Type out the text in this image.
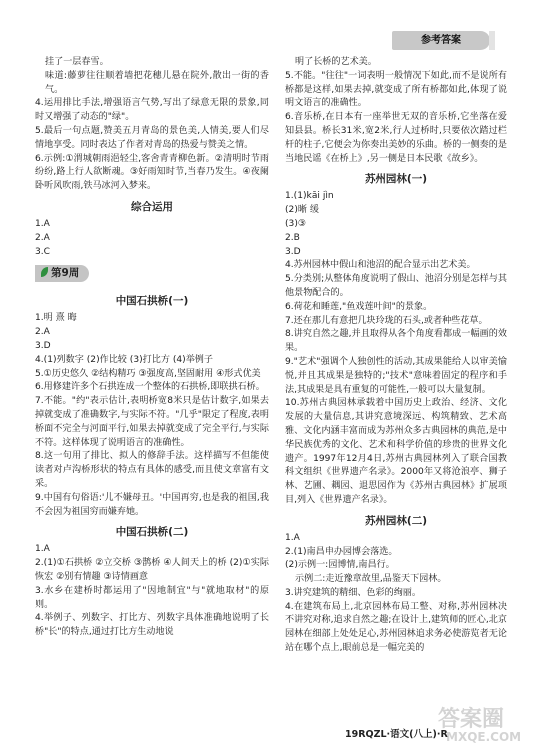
参考答案

挂了一层春雪。

味道:藤萝往往顺着墙把花穗儿悬在院外,散出一街的香气。

4.运用排比手法,增强语言气势,写出了绿意无限的景象,同时又增强了动态的"绿"。

5.最后一句点题,赞美五月青岛的景色美,人情美,要人们尽情地享受。同时表达了作者对青岛的热爱与赞美之情。

6.示例:①渭城朝雨浥轻尘,客舍青青柳色新。②清明时节雨纷纷,路上行人欲断魂。③好雨知时节,当春乃发生。④夜阑卧听风吹雨,铁马冰河入梦来。

综合运用

1.A

2.A

3.C

第9周
中国石拱桥(一)

1.明 熹 晦

2.A

3.D

4.(1)列数字 (2)作比较 (3)打比方 (4)举例子

5.①历史悠久 ②结构精巧 ③强度高,坚固耐用 ④形式优美

6.用修建许多个石拱连成一个整体的石拱桥,即联拱石桥。

7.不能。"约"表示估计,表明桥宽8米只是估计数字,如果去掉就变成了准确数字,与实际不符。"几乎"限定了程度,表明桥面不完全与河面平行,如果去掉就变成了完全平行,与实际不符。这样体现了说明语言的准确性。

8.这一句用了排比、拟人的修辞手法。这样描写不但能使读者对卢沟桥形状的特点有具体的感受,而且使文章富有文采。

9.中国有句俗语:'儿不嫌母丑。'中国再穷,也是我的祖国,我不会因为祖国穷而嫌弃她。

中国石拱桥(二)

1.A

2.(1)①石拱桥 ②立交桥 ③鹊桥 ④人间天上的桥 (2)①实际恢宏 ②别有情趣 ③诗情画意

3.水乡在建桥时都运用了"因地制宜"与"就地取材"的原则。

4.举例子、列数字、打比方、列数字具体准确地说明了长桥"长"的特点,通过打比方生动地说

明了长桥的艺术美。

5.不能。"往往"一词表明一般情况下如此,而不是说所有桥都是这样,如果去掉,就变成了所有桥都如此,体现了说明文语言的准确性。

6.音乐桥,在日本有一座举世无双的音乐桥,它坐落在爱知县县。桥长31米,宽2米,行人过桥时,只要依次踏过栏杆的柱子,它便会为你奏出美妙的乐曲。桥的一侧奏的是当地民谣《在桥上》,另一侧是日本民歌《故乡》。

苏州园林(一)

1.(1)kāi jìn

(2)晰 缓

(3)③

2.B

3.D

4.苏州园林中假山和池沼的配合显示出艺术美。

5.分类别;从整体角度说明了假山、池沼分别是怎样与其他景物配合的。

6.荷花和睡莲,"鱼戏莲叶间"的景象。

7.还在那儿有意把几块玲珑的石头,或者种些花草。

8.讲究自然之趣,并且取得从各个角度看都成一幅画的效果。

9."艺术"强调个人独创性的活动,其成果能给人以审美愉悦,并且其成果是独特的;"技术"意味着固定的程序和手法,其成果是具有重复的可能性,一般可以大量复制。

10.苏州古典园林承载着中国历史上政治、经济、文化发展的大量信息,其讲究意境深远、构筑精致、艺术高雅、文化内涵丰富而成为苏州众多古典园林的典范,是中华民族优秀的文化、艺术和科学价值的珍贵的世界文化遗产。1997年12月4日,苏州古典园林列入了联合国教科文组织《世界遗产名录》。2000年又将沧浪亭、狮子林、艺圃、耦园、退思园作为《苏州古典园林》扩展项目,列入《世界遗产名录》。

苏州园林(二)

1.A

2.(1)南昌申办园博会落选。

(2)示例一:园博情,南昌行。

示例二:走近豫章故里,品鉴天下园林。

3.讲究建筑的精细、色彩的绚丽。

4.在建筑布局上,北京园林布局工整、对称,苏州园林决不讲究对称,追求自然之趣;在设计上,建筑师的匠心,北京园林在细部上处处足心,苏州园林追求务必使游览者无论站在哪个点上,眼前总是一幅完美的

19RQZL·语文(八上)·R
答案圈
MXQE.COM
